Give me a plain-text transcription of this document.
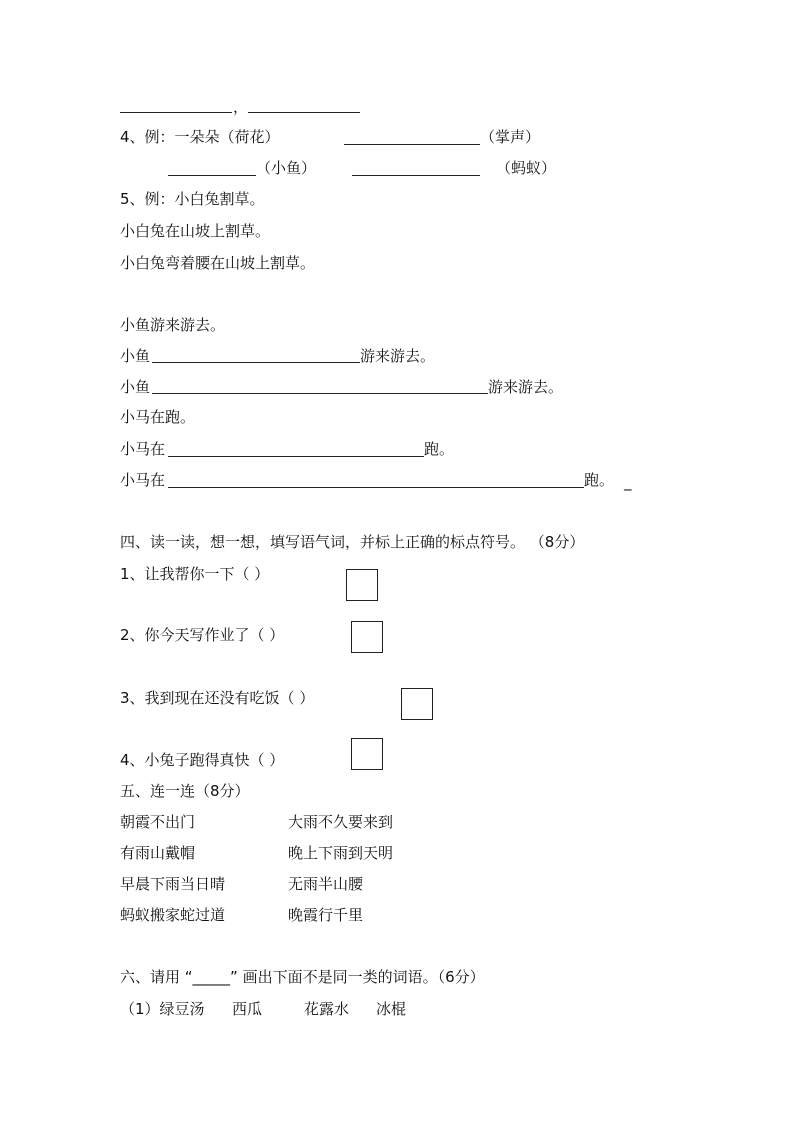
，
4、例：一朵朵（荷花）	（掌声）
（小鱼）	（蚂蚁）
5、例：小白兔割草。
小白兔在山坡上割草。
小白兔弯着腰在山坡上割草。
小鱼游来游去。
小鱼	游来游去。
小鱼	游来游去。
小马在跑。
小马在	跑。
小马在	跑。 _
四、读一读，想一想，填写语气词，并标上正确的标点符号。 （8分）
1、让我帮你一下（ ）
2、你今天写作业了（ ）
3、我到现在还没有吃饭（ ）
4、小兔子跑得真快（ ）
五、连一连（8分）
朝霞不出门	大雨不久要来到
有雨山戴帽	晚上下雨到天明
早晨下雨当日晴	无雨半山腰
蚂蚁搬家蛇过道	晚霞行千里
六、请用 “_____” 画出下面不是同一类的词语。（6分）
（1）绿豆汤 西瓜	花露水 冰棍
